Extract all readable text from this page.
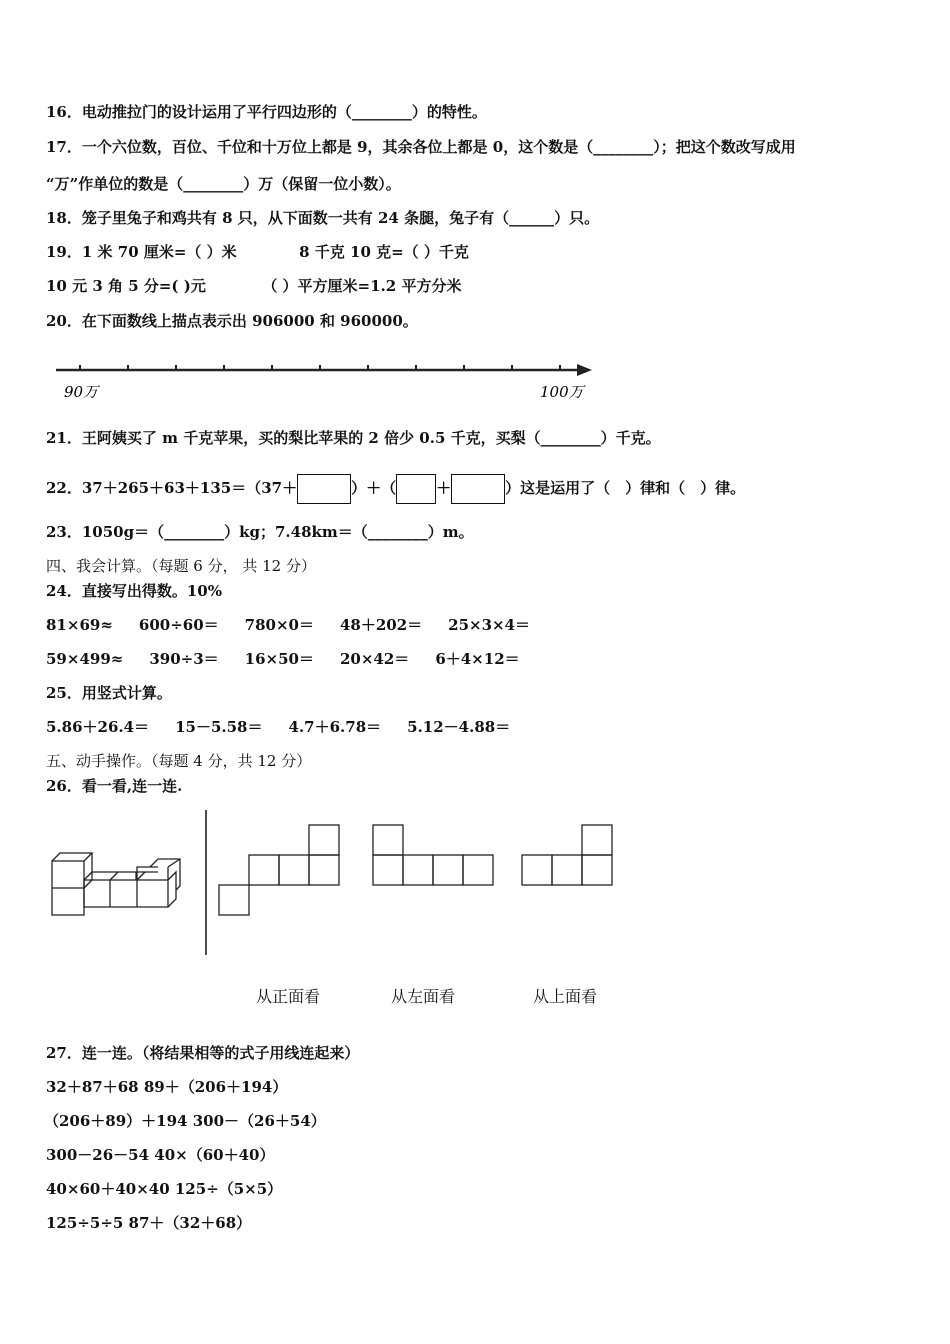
16．电动推拉门的设计运用了平行四边形的（________）的特性。
17．一个六位数，百位、千位和十万位上都是 9，其余各位上都是 0，这个数是（________）；把这个数改写成用
“万”作单位的数是（________）万（保留一位小数）。
18．笼子里兔子和鸡共有 8 只，从下面数一共有 24 条腿，兔子有（______）只。
19．1 米 70 厘米=（ ）米	8 千克 10 克=（ ）千克
10 元 3 角 5 分=( )元	（ ）平方厘米=1.2 平方分米
20．在下面数线上描点表示出 906000 和 960000。
90万	100万
21．王阿姨买了 m 千克苹果，买的梨比苹果的 2 倍少 0.5 千克，买梨（________）千克。
22．37＋265＋63＋135＝（37＋	）＋（	＋	）这是运用了（　）律和（　）律。
23．1050g＝（________）kg；7.48km＝（________）m。
四、我会计算。（每题 6 分， 共 12 分）
24．直接写出得数。10%
81×69≈ 600÷60＝ 780×0＝ 48＋202＝ 25×3×4＝
59×499≈ 390÷3＝ 16×50＝ 20×42＝ 6＋4×12＝
25．用竖式计算。
5.86＋26.4＝ 15－5.58＝ 4.7＋6.78＝ 5.12－4.88＝
五、动手操作。（每题 4 分，共 12 分）
26．看一看,连一连.
从正面看	从左面看	从上面看
27．连一连。（将结果相等的式子用线连起来）
32＋87＋68 89＋（206＋194）
（206＋89）＋194 300－（26＋54）
300－26－54 40×（60＋40）
40×60＋40×40 125÷（5×5）
125÷5÷5 87＋（32＋68）
